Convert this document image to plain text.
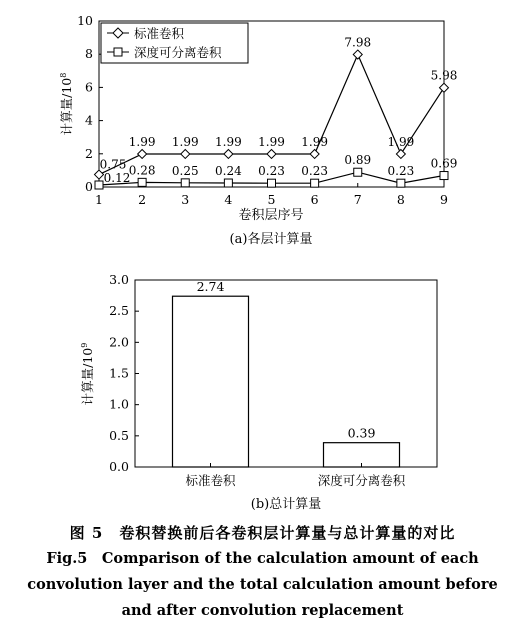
0
2
4
6
8
10
1	2	3	4	5	6	7	8	9
0.75
1.99 1.99 1.99 1.99 1.99
7.98
1.99
5.98
0.12
0.28 0.25 0.24 0.23 0.23
0.89
0.23
0.69
标准卷积
深度可分离卷积
卷积层序号
计算量$/10^8$
(a)各层计算量
0.0
0.5
1.0
1.5
2.0
2.5
3.0	2.74
标准卷积
0.39
深度可分离卷积
计算量$/10^9$
(b)总计算量
图 5　卷积替换前后各卷积层计算量与总计算量的对比
Fig.5　Comparison of the calculation amount of each
convolution layer and the total calculation amount before
and after convolution replacement
